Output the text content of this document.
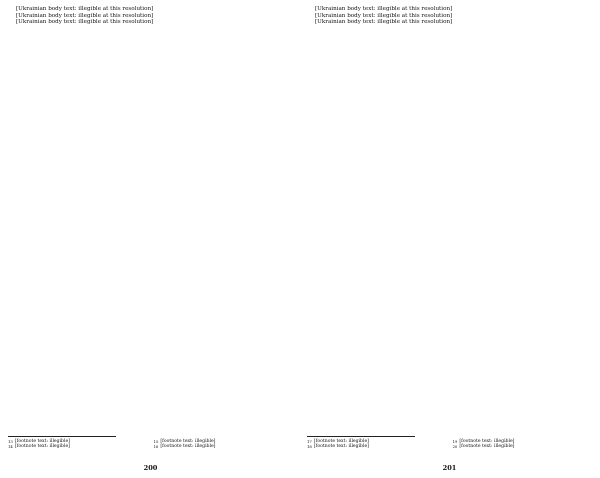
[Ukrainian body text: illegible at this resolution]

[Ukrainian body text: illegible at this resolution]

[Ukrainian body text: illegible at this resolution]

13 [footnote text: illegible]
14 [footnote text: illegible]
15 [footnote text: illegible]
16 [footnote text: illegible]
200

[Ukrainian body text: illegible at this resolution]

[Ukrainian body text: illegible at this resolution]

[Ukrainian body text: illegible at this resolution]

17 [footnote text: illegible]
18 [footnote text: illegible]
19 [footnote text: illegible]
20 [footnote text: illegible]
201
